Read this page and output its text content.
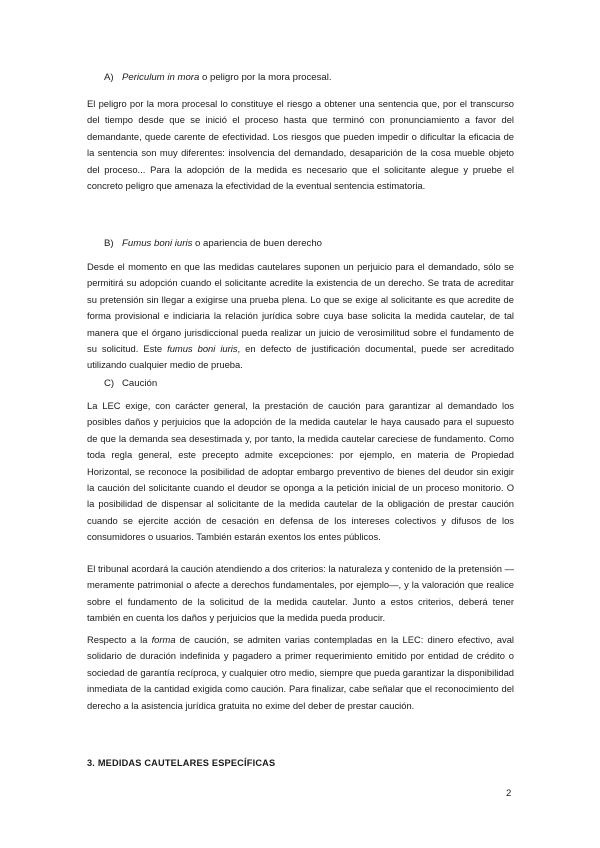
A) Periculum in mora o peligro por la mora procesal.

El peligro por la mora procesal lo constituye el riesgo a obtener una sentencia que, por el transcurso del tiempo desde que se inició el proceso hasta que terminó con pronunciamiento a favor del demandante, quede carente de efectividad. Los riesgos que pueden impedir o dificultar la eficacia de la sentencia son muy diferentes: insolvencia del demandado, desaparición de la cosa mueble objeto del proceso... Para la adopción de la medida es necesario que el solicitante alegue y pruebe el concreto peligro que amenaza la efectividad de la eventual sentencia estimatoria.

B) Fumus boni iuris o apariencia de buen derecho

Desde el momento en que las medidas cautelares suponen un perjuicio para el demandado, sólo se permitirá su adopción cuando el solicitante acredite la existencia de un derecho. Se trata de acreditar su pretensión sin llegar a exigirse una prueba plena. Lo que se exige al solicitante es que acredite de forma provisional e indiciaria la relación jurídica sobre cuya base solicita la medida cautelar, de tal manera que el órgano jurisdiccional pueda realizar un juicio de verosimilitud sobre el fundamento de su solicitud. Este fumus boni iuris, en defecto de justificación documental, puede ser acreditado utilizando cualquier medio de prueba.

C) Caución

La LEC exige, con carácter general, la prestación de caución para garantizar al demandado los posibles daños y perjuicios que la adopción de la medida cautelar le haya causado para el supuesto de que la demanda sea desestimada y, por tanto, la medida cautelar careciese de fundamento. Como toda regla general, este precepto admite excepciones: por ejemplo, en materia de Propiedad Horizontal, se reconoce la posibilidad de adoptar embargo preventivo de bienes del deudor sin exigir la caución del solicitante cuando el deudor se oponga a la petición inicial de un proceso monitorio. O la posibilidad de dispensar al solicitante de la medida cautelar de la obligación de prestar caución cuando se ejercite acción de cesación en defensa de los intereses colectivos y difusos de los consumidores o usuarios. También estarán exentos los entes públicos.

El tribunal acordará la caución atendiendo a dos criterios: la naturaleza y contenido de la pretensión —meramente patrimonial o afecte a derechos fundamentales, por ejemplo—, y la valoración que realice sobre el fundamento de la solicitud de la medida cautelar. Junto a estos criterios, deberá tener también en cuenta los daños y perjuicios que la medida pueda producir.

Respecto a la forma de caución, se admiten varias contempladas en la LEC: dinero efectivo, aval solidario de duración indefinida y pagadero a primer requerimiento emitido por entidad de crédito o sociedad de garantía recíproca, y cualquier otro medio, siempre que pueda garantizar la disponibilidad inmediata de la cantidad exigida como caución. Para finalizar, cabe señalar que el reconocimiento del derecho a la asistencia jurídica gratuita no exime del deber de prestar caución.

3. MEDIDAS CAUTELARES ESPECÍFICAS
2
